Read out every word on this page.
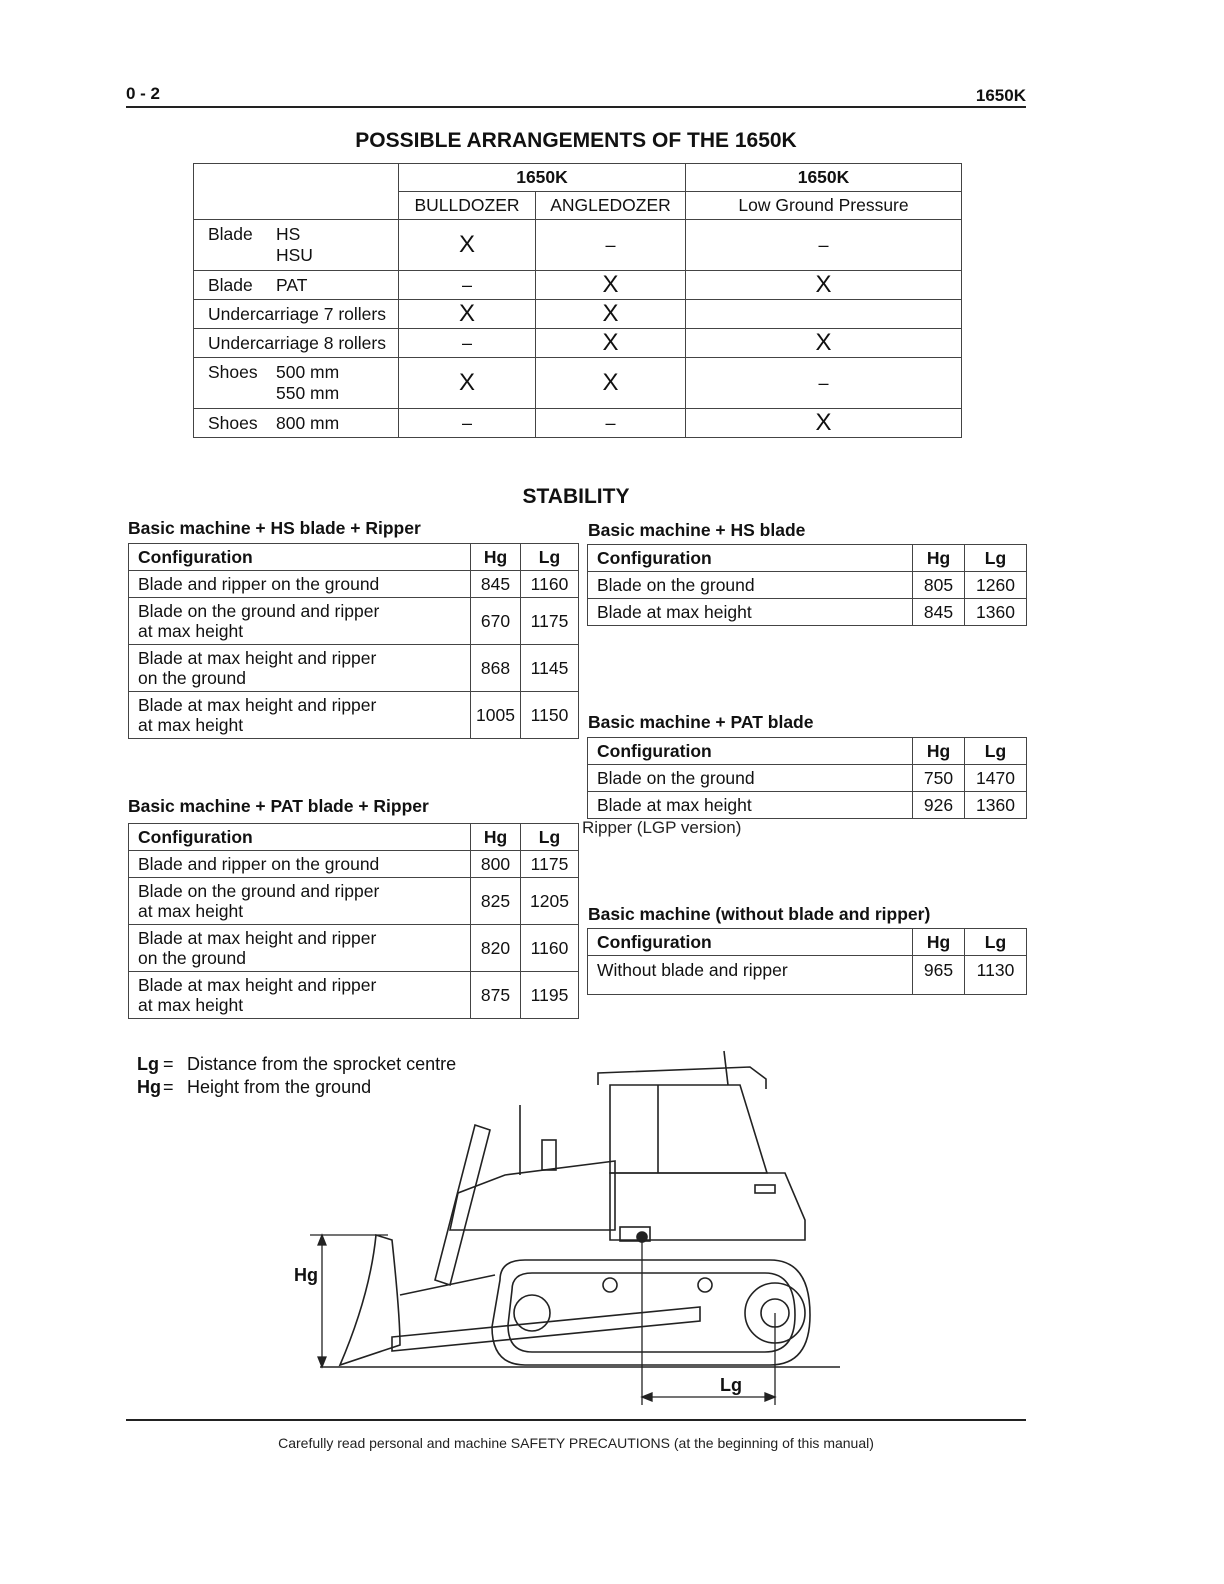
0 - 2	1650K
POSSIBLE ARRANGEMENTS OF THE 1650K
	1650K		1650K
	BULLDOZER	ANGLEDOZER	Low Ground Pressure
Blade HS
HSU	X	–	–
Blade PAT	–	X	X
Undercarriage 7 rollers	X	X	
Undercarriage 8 rollers	–	X	X
Shoes 500 mm
550 mm	X	X	–
Shoes 800 mm	–	–	X
STABILITY
Basic machine + HS blade + Ripper
Configuration	Hg	Lg
Blade and ripper on the ground	845	1160
Blade on the ground and ripper
at max height	670	1175
Blade at max height and ripper
on the ground	868	1145
Blade at max height and ripper
at max height	1005	1150
Basic machine + HS blade
Configuration	Hg	Lg
Blade on the ground	805	1260
Blade at max height	845	1360
Basic machine + PAT blade
Configuration	Hg	Lg
Blade on the ground	750	1470
Blade at max height	926	1360
Ripper (LGP version)
Basic machine + PAT blade + Ripper
Configuration	Hg	Lg
Blade and ripper on the ground	800	1175
Blade on the ground and ripper
at max height	825	1205
Blade at max height and ripper
on the ground	820	1160
Blade at max height and ripper
at max height	875	1195
Basic machine (without blade and ripper)
Configuration	Hg	Lg
Without blade and ripper	965	1130
Lg = Distance from the sprocket centre
Hg = Height from the ground
Hg
Lg
Carefully read personal and machine SAFETY PRECAUTIONS (at the beginning of this manual)
